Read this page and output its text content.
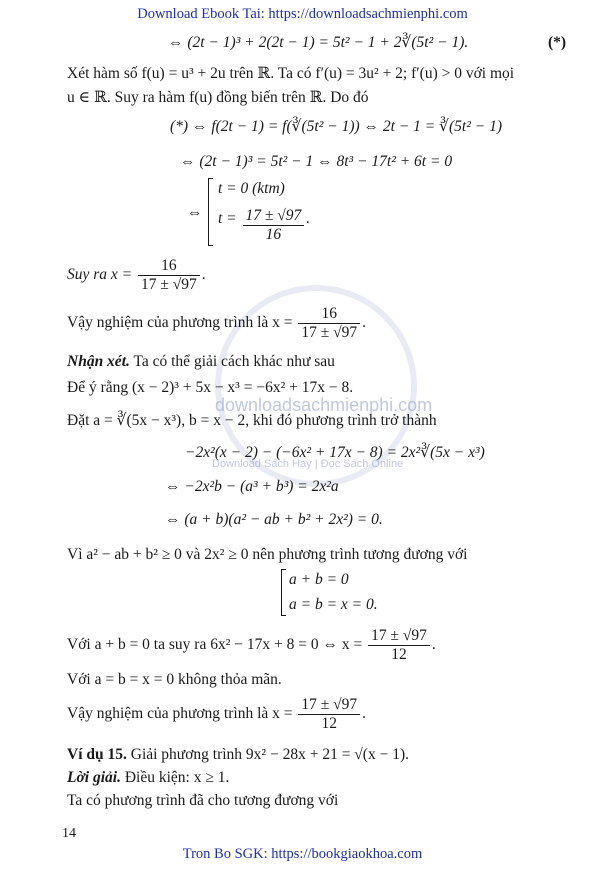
Download Ebook Tai: https://downloadsachmienphi.com
downloadsachmienphi.com
Download Sách Hay | Đọc Sách Online
⇔ (2t − 1)³ + 2(2t − 1) = 5t² − 1 + 2∛(5t² − 1).	(*)
Xét hàm số f(u) = u³ + 2u trên ℝ. Ta có f′(u) = 3u² + 2; f′(u) > 0 với mọi
u ∈ ℝ. Suy ra hàm f(u) đồng biến trên ℝ. Do đó
(*) ⇔ f(2t − 1) = f(∛(5t² − 1)) ⇔ 2t − 1 = ∛(5t² − 1)
⇔ (2t − 1)³ = 5t² − 1 ⇔ 8t³ − 17t² + 6t = 0
⇔
t = 0 (ktm)
$t = \frac{17 \pm √97}{16}$ .
Suy ra $x = \frac{16}{17 \pm √97}$ .
Vậy nghiệm của phương trình là $x = \frac{16}{17 \pm √97}$ .
Nhận xét. Ta có thể giải cách khác như sau
Để ý rằng (x − 2)³ + 5x − x³ = −6x² + 17x − 8.
Đặt a = ∛(5x − x³), b = x − 2, khi đó phương trình trở thành
−2x²(x − 2) − (−6x² + 17x − 8) = 2x²∛(5x − x³)
⇔ −2x²b − (a³ + b³) = 2x²a
⇔ (a + b)(a² − ab + b² + 2x²) = 0.
Vì a² − ab + b² ≥ 0 và 2x² ≥ 0 nên phương trình tương đương với
a + b = 0
a = b = x = 0.
Với a + b = 0 ta suy ra 6x² − 17x + 8 = 0 ⇔ $x = \frac{17 \pm √97}{12}$ .
Với a = b = x = 0 không thỏa mãn.
Vậy nghiệm của phương trình là $x = \frac{17 \pm √97}{12}$ .
Ví dụ 15. Giải phương trình 9x² − 28x + 21 = √(x − 1).
Lời giải. Điều kiện: x ≥ 1.
Ta có phương trình đã cho tương đương với
14
Tron Bo SGK: https://bookgiaokhoa.com
